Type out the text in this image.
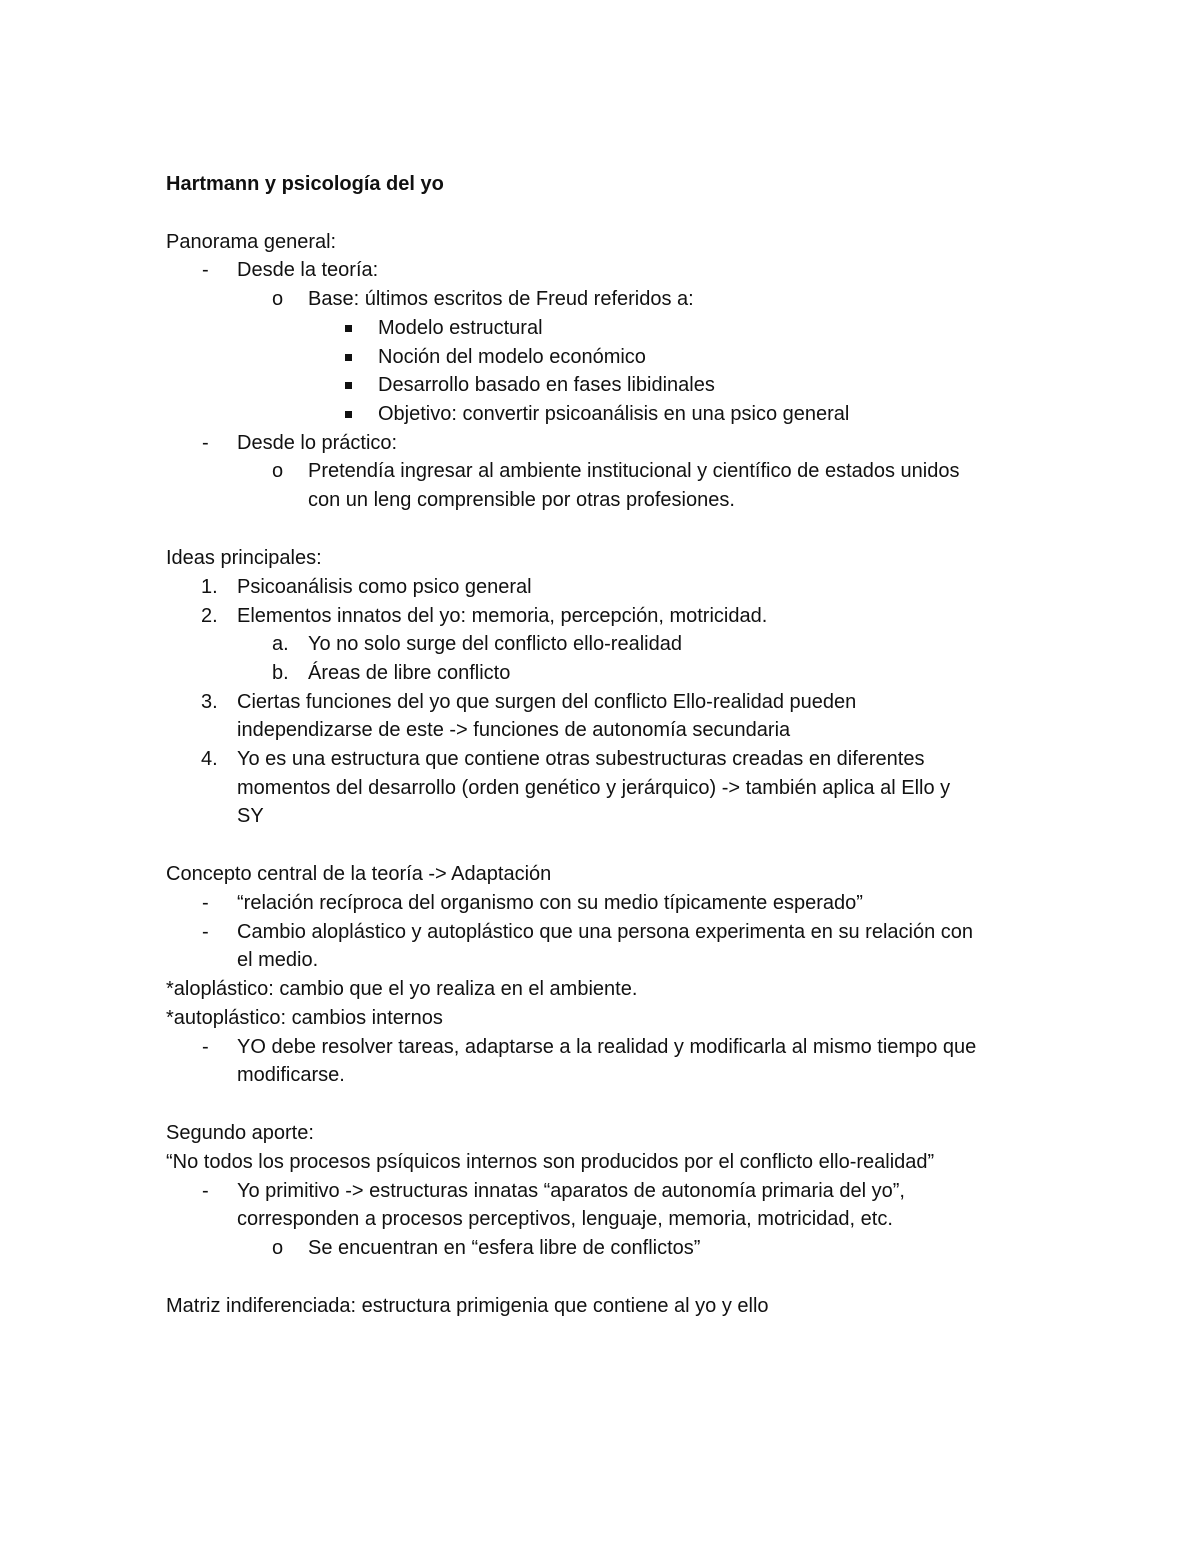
Hartmann y psicología del yo
Panorama general:
- Desde la teoría:
o Base: últimos escritos de Freud referidos a:
Modelo estructural
Noción del modelo económico
Desarrollo basado en fases libidinales
Objetivo: convertir psicoanálisis en una psico general
- Desde lo práctico:
o Pretendía ingresar al ambiente institucional y científico de estados unidos
con un leng comprensible por otras profesiones.
Ideas principales:
1. Psicoanálisis como psico general
2. Elementos innatos del yo: memoria, percepción, motricidad.
a. Yo no solo surge del conflicto ello-realidad
b. Áreas de libre conflicto
3. Ciertas funciones del yo que surgen del conflicto Ello-realidad pueden
independizarse de este -> funciones de autonomía secundaria
4. Yo es una estructura que contiene otras subestructuras creadas en diferentes
momentos del desarrollo (orden genético y jerárquico) -> también aplica al Ello y
SY
Concepto central de la teoría -> Adaptación
- “relación recíproca del organismo con su medio típicamente esperado”
- Cambio aloplástico y autoplástico que una persona experimenta en su relación con
el medio.
*aloplástico: cambio que el yo realiza en el ambiente.
*autoplástico: cambios internos
- YO debe resolver tareas, adaptarse a la realidad y modificarla al mismo tiempo que
modificarse.
Segundo aporte:
“No todos los procesos psíquicos internos son producidos por el conflicto ello-realidad”
- Yo primitivo -> estructuras innatas “aparatos de autonomía primaria del yo”,
corresponden a procesos perceptivos, lenguaje, memoria, motricidad, etc.
o Se encuentran en “esfera libre de conflictos”
Matriz indiferenciada: estructura primigenia que contiene al yo y ello
